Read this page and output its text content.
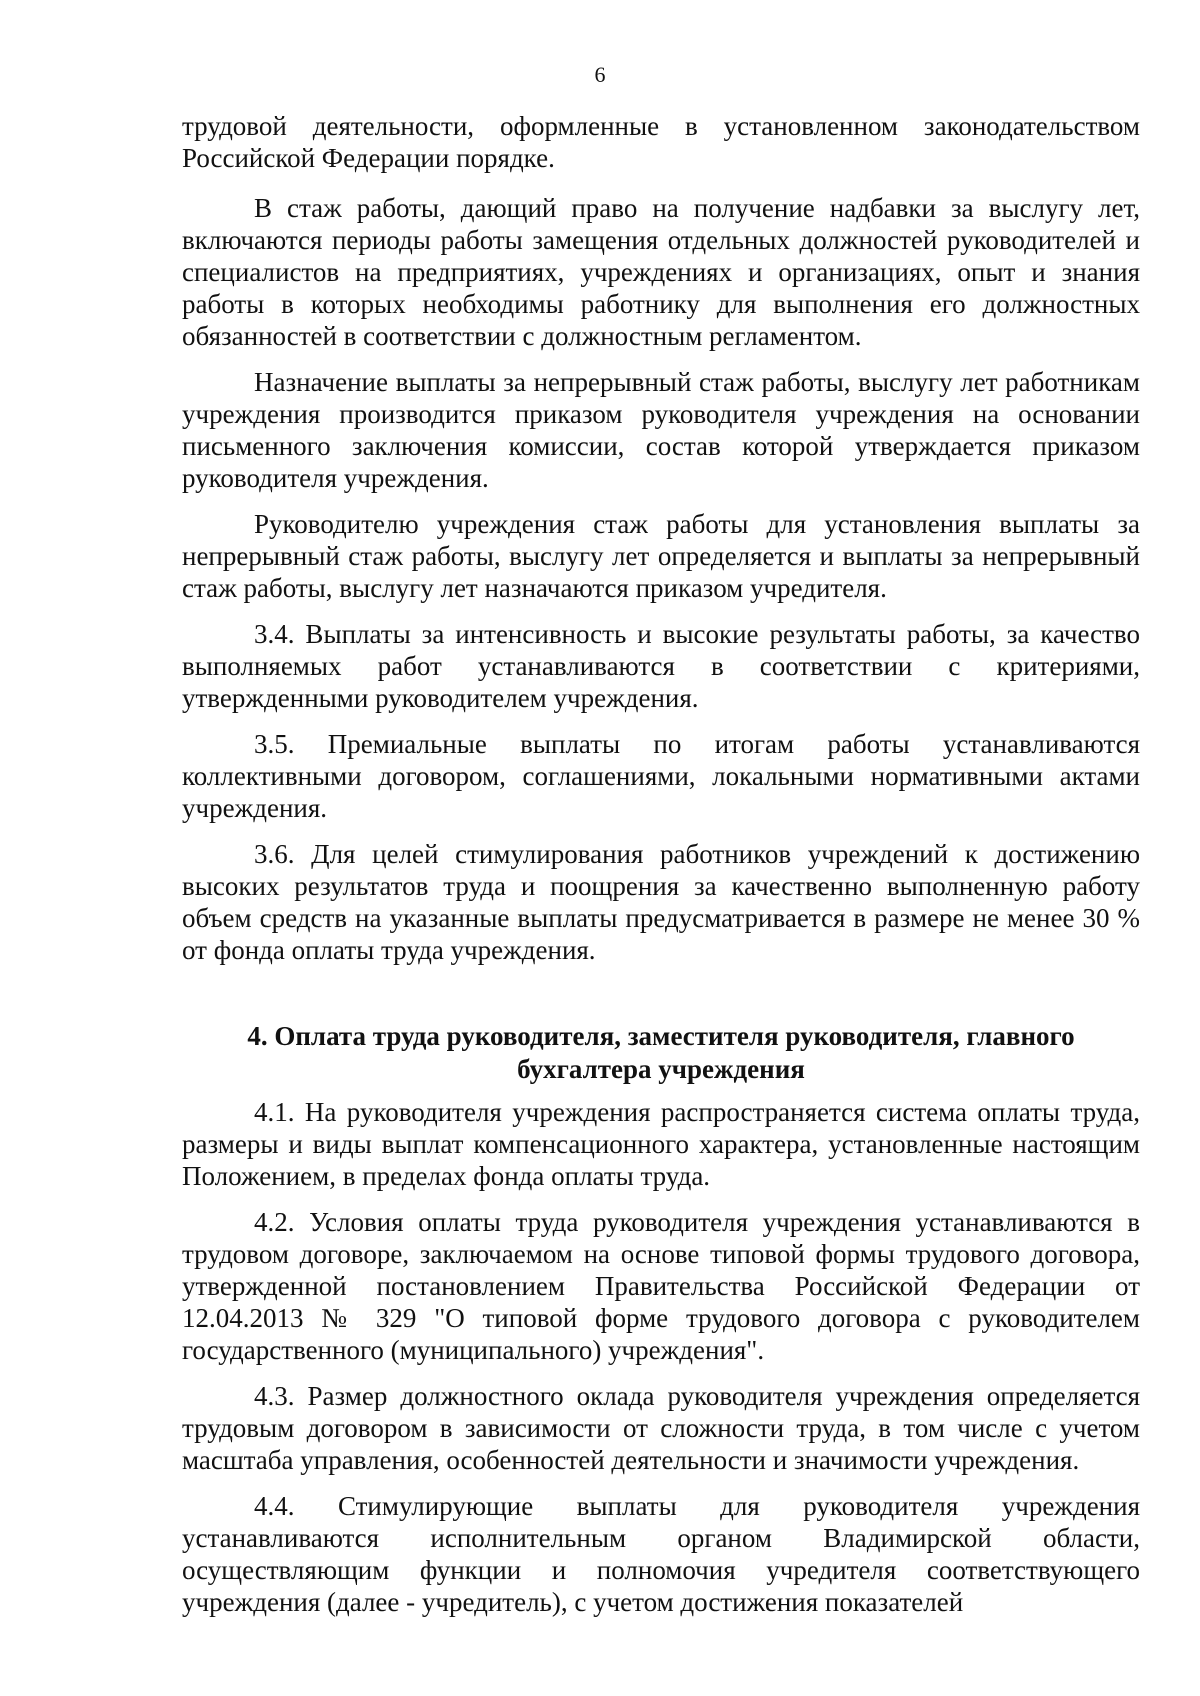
6

трудовой деятельности, оформленные в установленном законодательством Российской Федерации порядке.

В стаж работы, дающий право на получение надбавки за выслугу лет, включаются периоды работы замещения отдельных должностей руководителей и специалистов на предприятиях, учреждениях и организациях, опыт и знания работы в которых необходимы работнику для выполнения его должностных обязанностей в соответствии с должностным регламентом.

Назначение выплаты за непрерывный стаж работы, выслугу лет работникам учреждения производится приказом руководителя учреждения на основании письменного заключения комиссии, состав которой утверждается приказом руководителя учреждения.

Руководителю учреждения стаж работы для установления выплаты за непрерывный стаж работы, выслугу лет определяется и выплаты за непрерывный стаж работы, выслугу лет назначаются приказом учредителя.

3.4. Выплаты за интенсивность и высокие результаты работы, за качество выполняемых работ устанавливаются в соответствии с критериями, утвержденными руководителем учреждения.

3.5. Премиальные выплаты по итогам работы устанавливаются коллективными договором, соглашениями, локальными нормативными актами учреждения.

3.6. Для целей стимулирования работников учреждений к достижению высоких результатов труда и поощрения за качественно выполненную работу объем средств на указанные выплаты предусматривается в размере не менее 30 % от фонда оплаты труда учреждения.

4. Оплата труда руководителя, заместителя руководителя, главного
бухгалтера учреждения

4.1. На руководителя учреждения распространяется система оплаты труда, размеры и виды выплат компенсационного характера, установленные настоящим Положением, в пределах фонда оплаты труда.

4.2. Условия оплаты труда руководителя учреждения устанавливаются в трудовом договоре, заключаемом на основе типовой формы трудового договора, утвержденной постановлением Правительства Российской Федерации от 12.04.2013 № 329 "О типовой форме трудового договора с руководителем государственного (муниципального) учреждения".

4.3. Размер должностного оклада руководителя учреждения определяется трудовым договором в зависимости от сложности труда, в том числе с учетом масштаба управления, особенностей деятельности и значимости учреждения.

4.4. Стимулирующие выплаты для руководителя учреждения устанавливаются исполнительным органом Владимирской области, осуществляющим функции и полномочия учредителя соответствующего учреждения (далее - учредитель), с учетом достижения показателей
